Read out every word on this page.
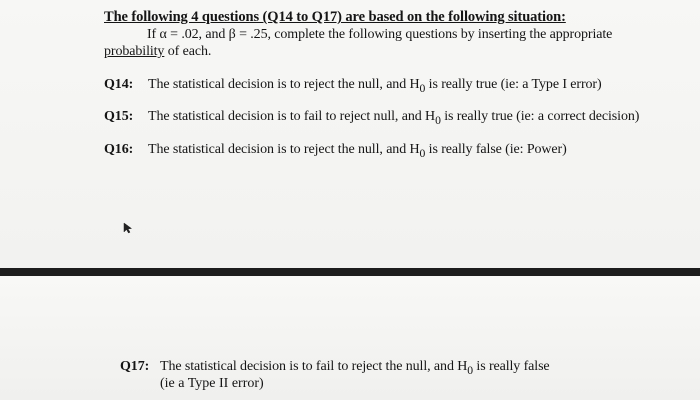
The following 4 questions (Q14 to Q17) are based on the following situation:
If α = .02, and β = .25, complete the following questions by inserting the appropriate
probability of each.
Q14: The statistical decision is to reject the null, and $H_0$ is really true (ie: a Type I error)
Q15: The statistical decision is to fail to reject null, and $H_0$ is really true (ie: a correct decision)
Q16: The statistical decision is to reject the null, and $H_0$ is really false (ie: Power)
Q17: The statistical decision is to fail to reject the null, and $H_0$ is really false
(ie a Type II error)
